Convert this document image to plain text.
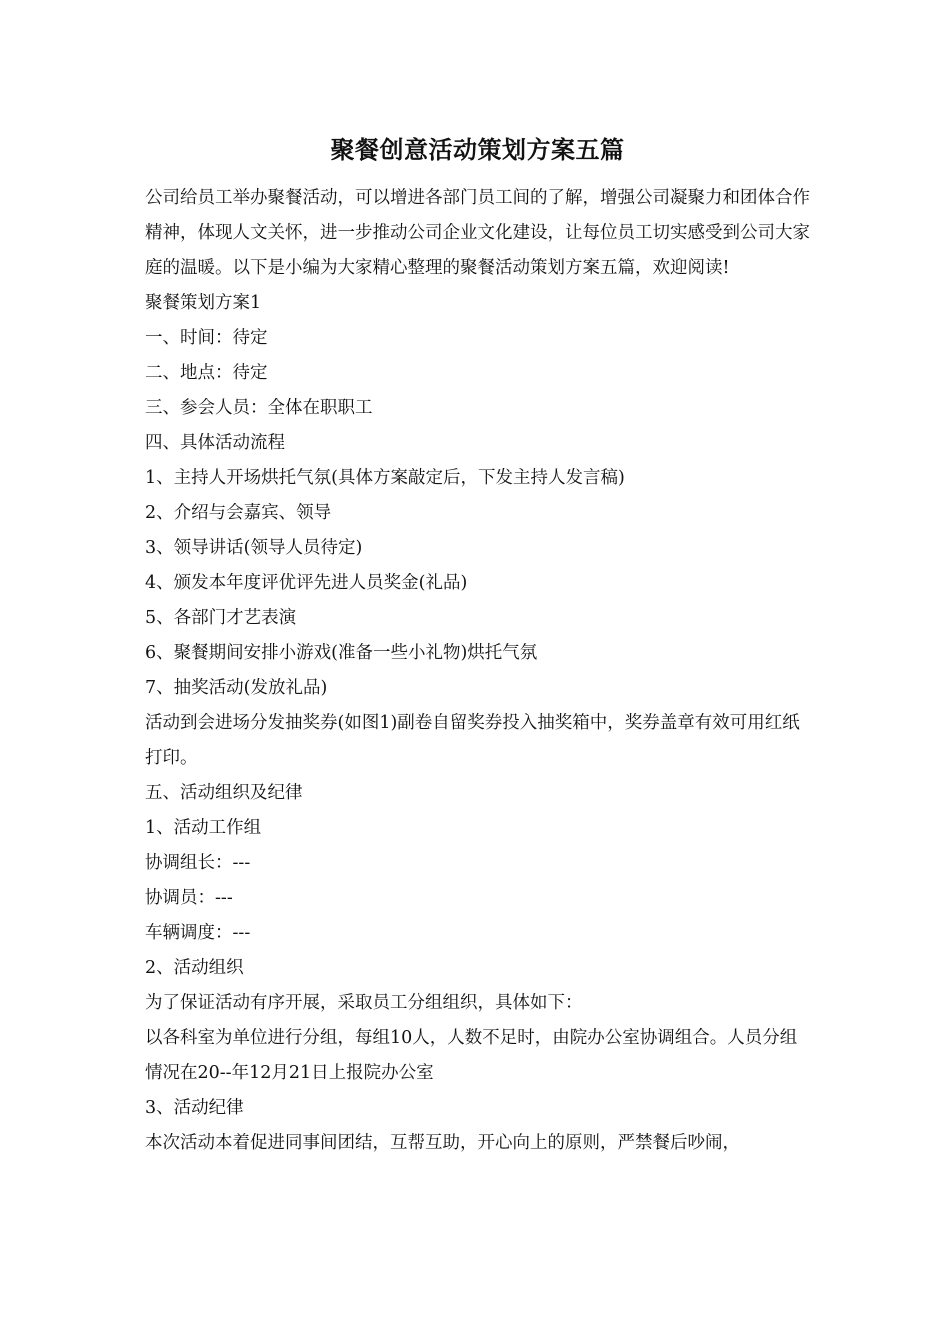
聚餐创意活动策划方案五篇

公司给员工举办聚餐活动，可以增进各部门员工间的了解，增强公司凝聚力和团体合作精神，体现人文关怀，进一步推动公司企业文化建设，让每位员工切实感受到公司大家庭的温暖。以下是小编为大家精心整理的聚餐活动策划方案五篇，欢迎阅读!

聚餐策划方案1

一、时间：待定

二、地点：待定

三、参会人员：全体在职职工

四、具体活动流程

1、主持人开场烘托气氛(具体方案敲定后，下发主持人发言稿)

2、介绍与会嘉宾、领导

3、领导讲话(领导人员待定)

4、颁发本年度评优评先进人员奖金(礼品)

5、各部门才艺表演

6、聚餐期间安排小游戏(准备一些小礼物)烘托气氛

7、抽奖活动(发放礼品)

活动到会进场分发抽奖券(如图1)副卷自留奖券投入抽奖箱中，奖券盖章有效可用红纸打印。

五、活动组织及纪律

1、活动工作组

协调组长：---

协调员：---

车辆调度：---

2、活动组织

为了保证活动有序开展，采取员工分组组织，具体如下：

以各科室为单位进行分组，每组10人，人数不足时，由院办公室协调组合。人员分组情况在20--年12月21日上报院办公室

3、活动纪律

本次活动本着促进同事间团结，互帮互助，开心向上的原则，严禁餐后吵闹，
